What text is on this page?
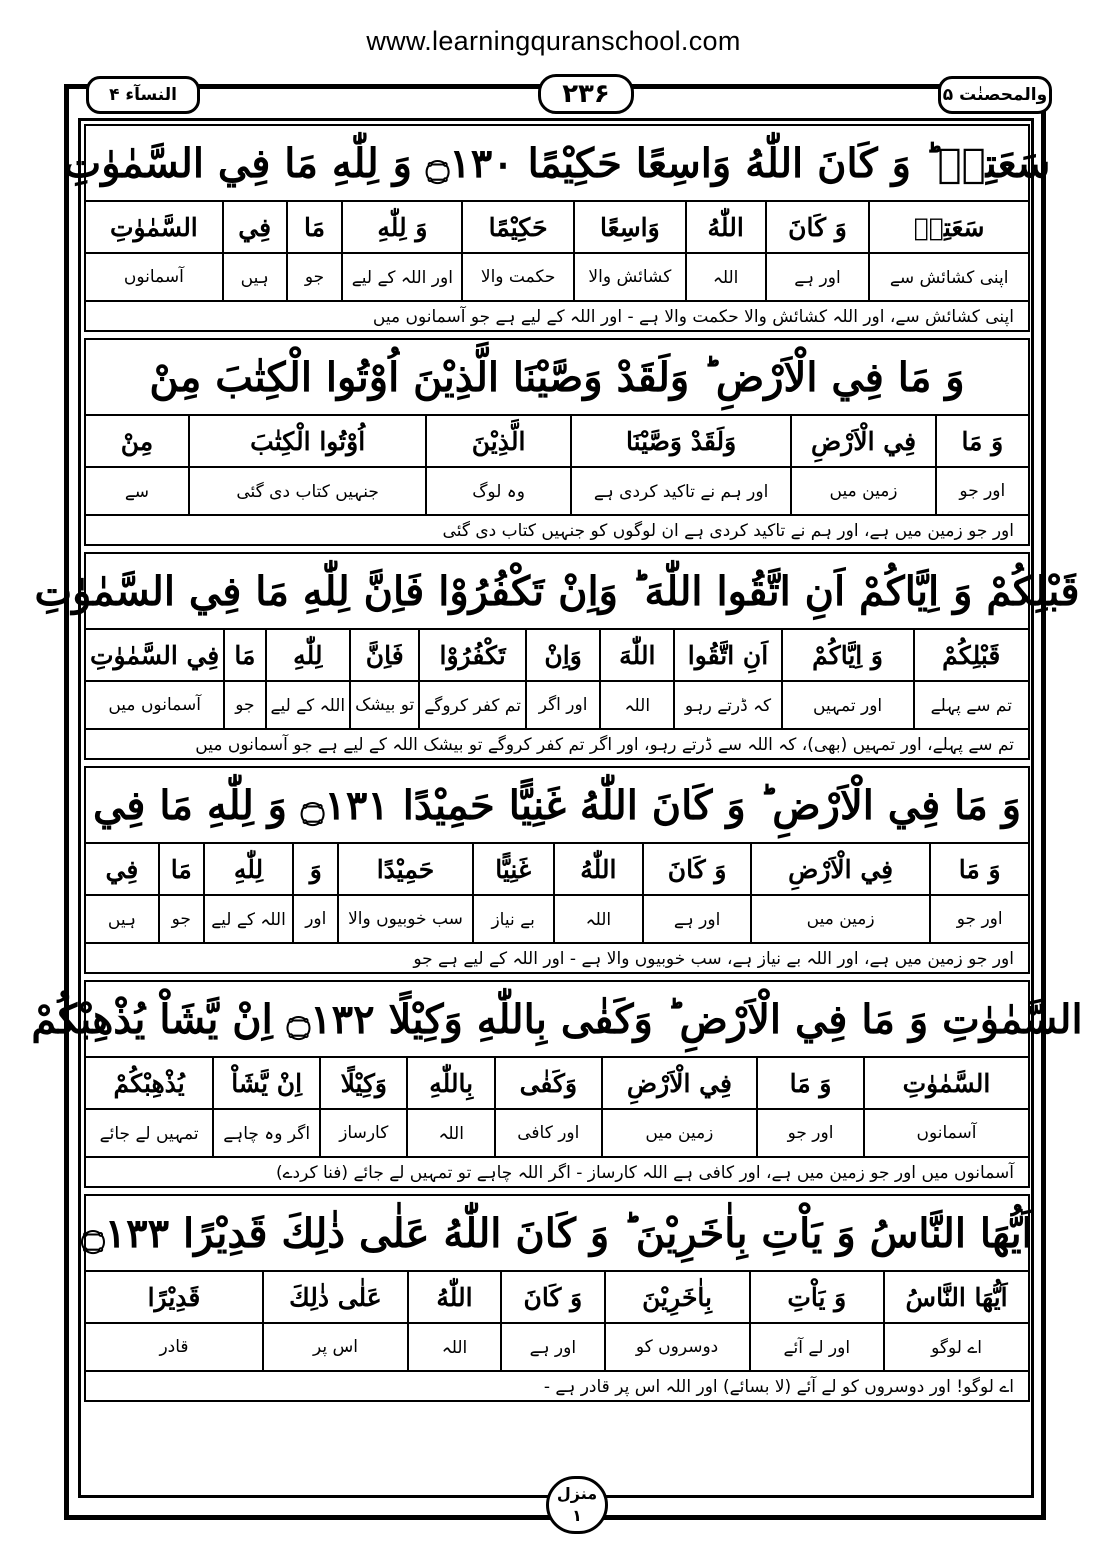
www.learningquranschool.com
النسآء ۴	۲۳۶	والمحصنٰت ۵
سَعَتِهٖ ؕ وَ كَانَ اللّٰهُ وَاسِعًا حَكِيْمًا ۝۱۳۰ وَ لِلّٰهِ مَا فِي السَّمٰوٰتِ
سَعَتِهٖ
اپنی کشائش سے
وَ كَانَ
اور ہے
اللّٰهُ
اللہ
وَاسِعًا
کشائش والا
حَكِيْمًا
حکمت والا
وَ لِلّٰهِ
اور اللہ کے لیے
مَا
جو
فِي
ہیں
السَّمٰوٰتِ
آسمانوں
اپنی کشائش سے، اور اللہ کشائش والا حکمت والا ہے - اور اللہ کے لیے ہے جو آسمانوں میں
وَ مَا فِي الْاَرْضِ ؕ وَلَقَدْ وَصَّيْنَا الَّذِيْنَ اُوْتُوا الْكِتٰبَ مِنْ
وَ مَا
اور جو
فِي الْاَرْضِ
زمین میں
وَلَقَدْ وَصَّيْنَا
اور ہم نے تاکید کردی ہے
الَّذِيْنَ
وہ لوگ
اُوْتُوا الْكِتٰبَ
جنہیں کتاب دی گئی
مِنْ
سے
اور جو زمین میں ہے، اور ہم نے تاکید کردی ہے ان لوگوں کو جنہیں کتاب دی گئی
قَبْلِكُمْ وَ اِيَّاكُمْ اَنِ اتَّقُوا اللّٰهَ ؕ وَاِنْ تَكْفُرُوْا فَاِنَّ لِلّٰهِ مَا فِي السَّمٰوٰتِ
قَبْلِكُمْ
تم سے پہلے
وَ اِيَّاكُمْ
اور تمہیں
اَنِ اتَّقُوا
کہ ڈرتے رہو
اللّٰهَ
اللہ
وَاِنْ
اور اگر
تَكْفُرُوْا
تم کفر کروگے
فَاِنَّ
تو بیشک
لِلّٰهِ
اللہ کے لیے
مَا
جو
فِي السَّمٰوٰتِ
آسمانوں میں
تم سے پہلے، اور تمہیں (بھی)، کہ اللہ سے ڈرتے رہو، اور اگر تم کفر کروگے تو بیشک اللہ کے لیے ہے جو آسمانوں میں
وَ مَا فِي الْاَرْضِ ؕ وَ كَانَ اللّٰهُ غَنِيًّا حَمِيْدًا ۝۱۳۱ وَ لِلّٰهِ مَا فِي
وَ مَا
اور جو
فِي الْاَرْضِ
زمین میں
وَ كَانَ
اور ہے
اللّٰهُ
اللہ
غَنِيًّا
بے نیاز
حَمِيْدًا
سب خوبیوں والا
وَ
اور
لِلّٰهِ
اللہ کے لیے
مَا
جو
فِي
ہیں
اور جو زمین میں ہے، اور اللہ بے نیاز ہے، سب خوبیوں والا ہے - اور اللہ کے لیے ہے جو
السَّمٰوٰتِ وَ مَا فِي الْاَرْضِ ؕ وَكَفٰى بِاللّٰهِ وَكِيْلًا ۝۱۳۲ اِنْ يَّشَاْ يُذْهِبْكُمْ
السَّمٰوٰتِ
آسمانوں
وَ مَا
اور جو
فِي الْاَرْضِ
زمین میں
وَكَفٰى
اور کافی
بِاللّٰهِ
اللہ
وَكِيْلًا
کارساز
اِنْ يَّشَاْ
اگر وہ چاہے
يُذْهِبْكُمْ
تمہیں لے جائے
آسمانوں میں اور جو زمین میں ہے، اور کافی ہے اللہ کارساز - اگر اللہ چاہے تو تمہیں لے جائے (فنا کردے)
اَيُّهَا النَّاسُ وَ يَاْتِ بِاٰخَرِيْنَ ؕ وَ كَانَ اللّٰهُ عَلٰى ذٰلِكَ قَدِيْرًا ۝۱۳۳
اَيُّهَا النَّاسُ
اے لوگو
وَ يَاْتِ
اور لے آئے
بِاٰخَرِيْنَ
دوسروں کو
وَ كَانَ
اور ہے
اللّٰهُ
اللہ
عَلٰى ذٰلِكَ
اس پر
قَدِيْرًا
قادر
اے لوگو! اور دوسروں کو لے آئے (لا بسائے) اور اللہ اس پر قادر ہے -
منزل
۱
